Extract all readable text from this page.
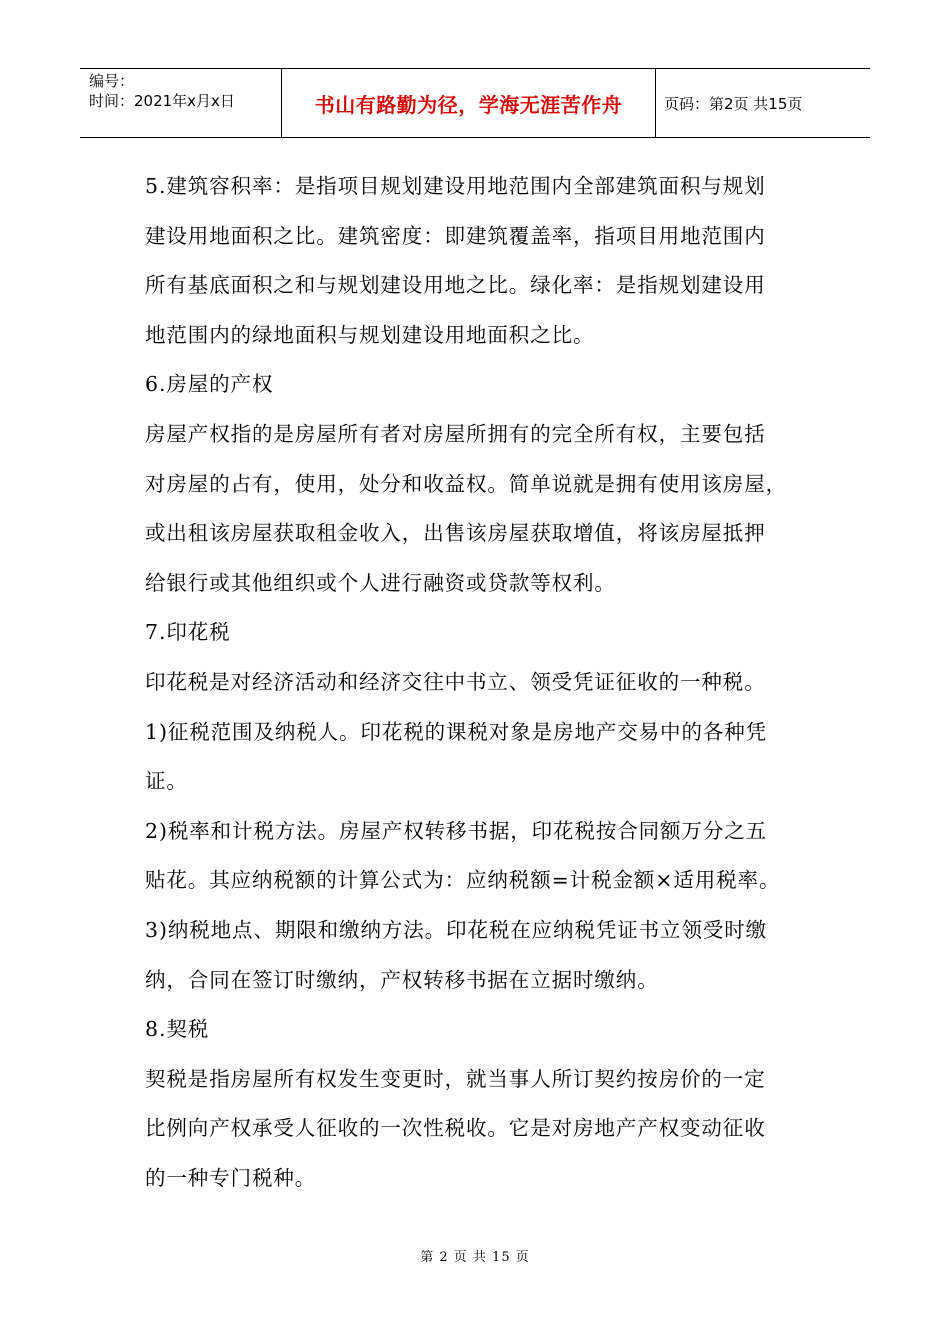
编号：
时间：2021年x月x日	书山有路勤为径，学海无涯苦作舟	页码：第2页 共15页
5.建筑容积率：是指项目规划建设用地范围内全部建筑面积与规划
建设用地面积之比。建筑密度：即建筑覆盖率，指项目用地范围内
所有基底面积之和与规划建设用地之比。绿化率：是指规划建设用
地范围内的绿地面积与规划建设用地面积之比。
6.房屋的产权
房屋产权指的是房屋所有者对房屋所拥有的完全所有权，主要包括
对房屋的占有，使用，处分和收益权。简单说就是拥有使用该房屋，
或出租该房屋获取租金收入，出售该房屋获取增值，将该房屋抵押
给银行或其他组织或个人进行融资或贷款等权利。
7.印花税
印花税是对经济活动和经济交往中书立、领受凭证征收的一种税。
1)征税范围及纳税人。印花税的课税对象是房地产交易中的各种凭
证。
2)税率和计税方法。房屋产权转移书据，印花税按合同额万分之五
贴花。其应纳税额的计算公式为：应纳税额=计税金额×适用税率。
3)纳税地点、期限和缴纳方法。印花税在应纳税凭证书立领受时缴
纳，合同在签订时缴纳，产权转移书据在立据时缴纳。
8.契税
契税是指房屋所有权发生变更时，就当事人所订契约按房价的一定
比例向产权承受人征收的一次性税收。它是对房地产产权变动征收
的一种专门税种。
第 2 页 共 15 页
